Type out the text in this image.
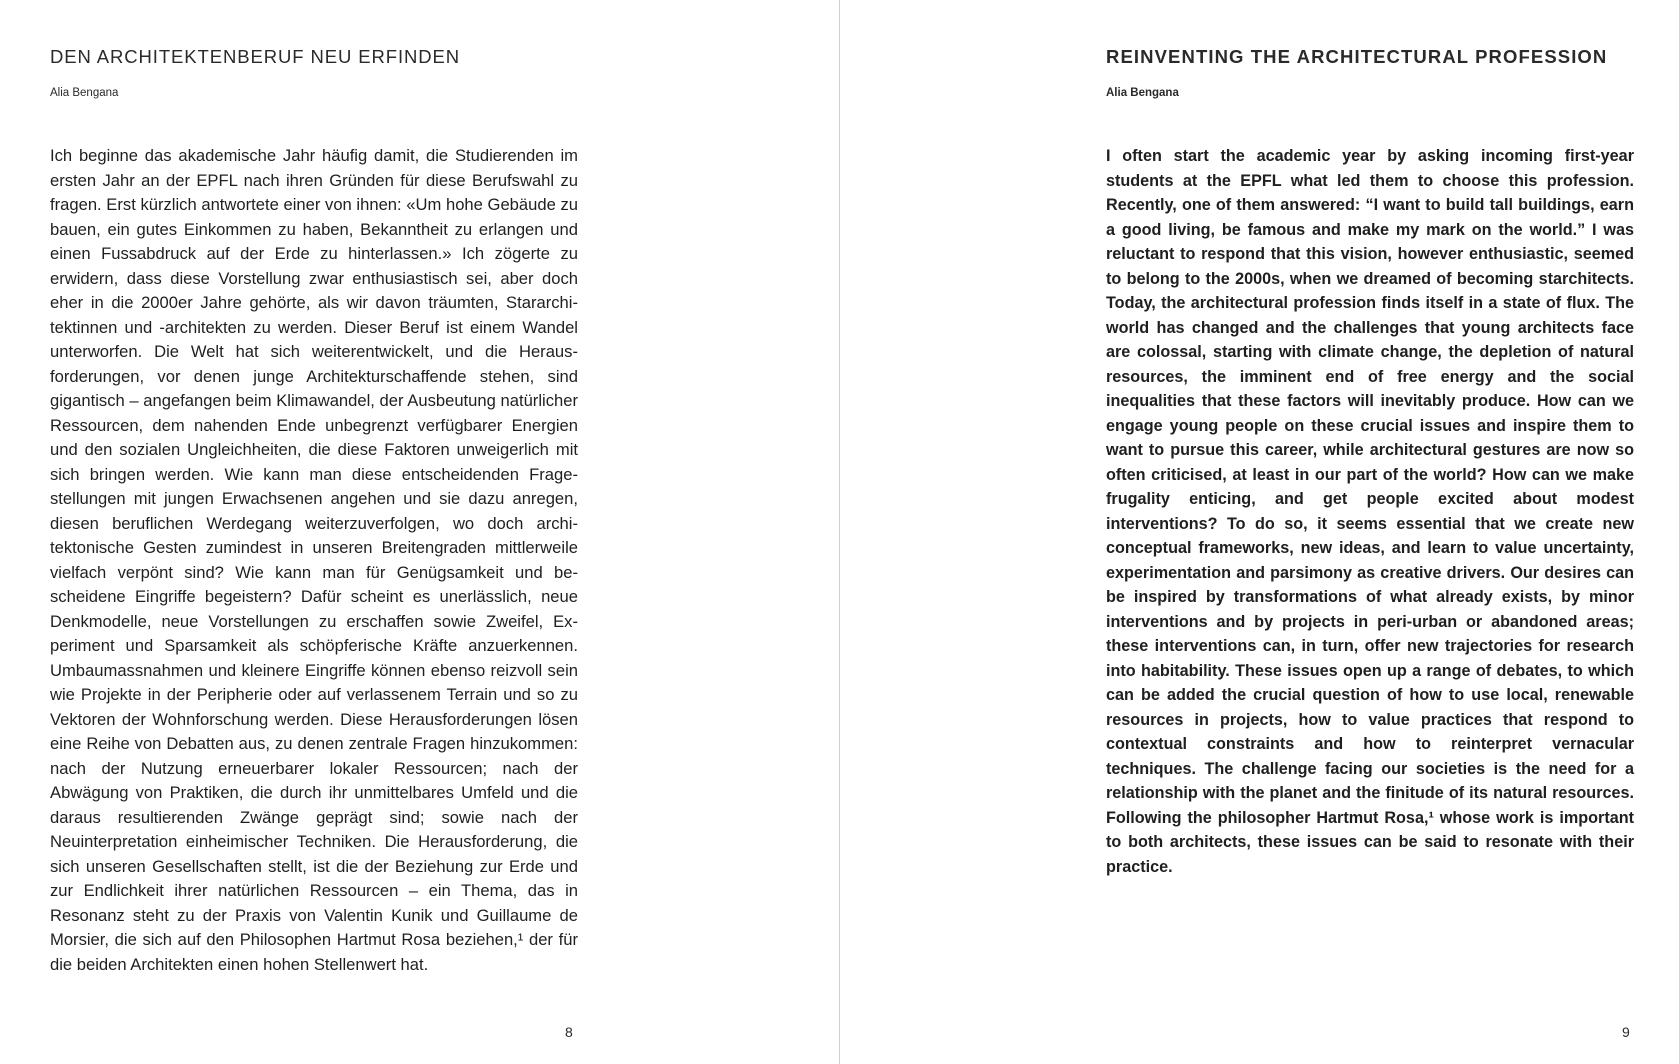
DEN ARCHITEKTENBERUF NEU ERFINDEN
Alia Bengana

Ich beginne das akademische Jahr häufig damit, die Studierenden im ersten Jahr an der EPFL nach ihren Gründen für diese Berufswahl zu fragen. Erst kürzlich antwortete einer von ihnen: «Um hohe Gebäude zu bauen, ein gutes Einkommen zu haben, Bekanntheit zu erlangen und einen Fussabdruck auf der Erde zu hinterlassen.» Ich zögerte zu erwidern, dass diese Vorstellung zwar enthusiastisch sei, aber doch eher in die 2000er Jahre gehörte, als wir davon träumten, Stararchitektinnen und -architekten zu werden. Dieser Beruf ist einem Wandel unterworfen. Die Welt hat sich weiterentwickelt, und die Herausforderungen, vor denen junge Architekturschaffende stehen, sind gigantisch – angefangen beim Klimawandel, der Ausbeutung natürlicher Ressourcen, dem nahenden Ende unbegrenzt verfügbarer Energien und den sozialen Ungleichheiten, die diese Faktoren unweigerlich mit sich bringen werden. Wie kann man diese entscheidenden Fragestellungen mit jungen Erwachsenen angehen und sie dazu anregen, diesen beruflichen Werdegang weiterzuverfolgen, wo doch architektonische Gesten zumindest in unseren Breitengraden mittlerweile vielfach verpönt sind? Wie kann man für Genügsamkeit und bescheidene Eingriffe begeistern? Dafür scheint es unerlässlich, neue Denkmodelle, neue Vorstellungen zu erschaffen sowie Zweifel, Experiment und Sparsamkeit als schöpferische Kräfte anzuerkennen. Umbaumassnahmen und kleinere Eingriffe können ebenso reizvoll sein wie Projekte in der Peripherie oder auf verlassenem Terrain und so zu Vektoren der Wohnforschung werden. Diese Herausforderungen lösen eine Reihe von Debatten aus, zu denen zentrale Fragen hinzukommen: nach der Nutzung erneuerbarer lokaler Ressourcen; nach der Abwägung von Praktiken, die durch ihr unmittelbares Umfeld und die daraus resultierenden Zwänge geprägt sind; sowie nach der Neuinterpretation einheimischer Techniken. Die Herausforderung, die sich unseren Gesellschaften stellt, ist die der Beziehung zur Erde und zur Endlichkeit ihrer natürlichen Ressourcen – ein Thema, das in Resonanz steht zu der Praxis von Valentin Kunik und Guillaume de Morsier, die sich auf den Philosophen Hartmut Rosa beziehen,¹ der für die beiden Architekten einen hohen Stellenwert hat.

8
REINVENTING THE ARCHITECTURAL PROFESSION
Alia Bengana

I often start the academic year by asking incoming first-year students at the EPFL what led them to choose this profession. Recently, one of them answered: “I want to build tall buildings, earn a good living, be famous and make my mark on the world.” I was reluctant to respond that this vision, however enthusiastic, seemed to belong to the 2000s, when we dreamed of becoming starchitects. Today, the architectural profession finds itself in a state of flux. The world has changed and the challenges that young architects face are colossal, starting with climate change, the depletion of natural resources, the imminent end of free energy and the social inequalities that these factors will inevitably produce. How can we engage young people on these crucial issues and inspire them to want to pursue this career, while architectural gestures are now so often criticised, at least in our part of the world? How can we make frugality enticing, and get people excited about modest interventions? To do so, it seems essential that we create new conceptual frameworks, new ideas, and learn to value uncertainty, experimentation and parsimony as creative drivers. Our desires can be inspired by transformations of what already exists, by minor interventions and by projects in peri-urban or abandoned areas; these interventions can, in turn, offer new trajectories for research into habitability. These issues open up a range of debates, to which can be added the crucial question of how to use local, renewable resources in projects, how to value practices that respond to contextual constraints and how to reinterpret vernacular techniques. The challenge facing our societies is the need for a relationship with the planet and the finitude of its natural resources. Following the philosopher Hartmut Rosa,¹ whose work is important to both architects, these issues can be said to resonate with their practice.

9
